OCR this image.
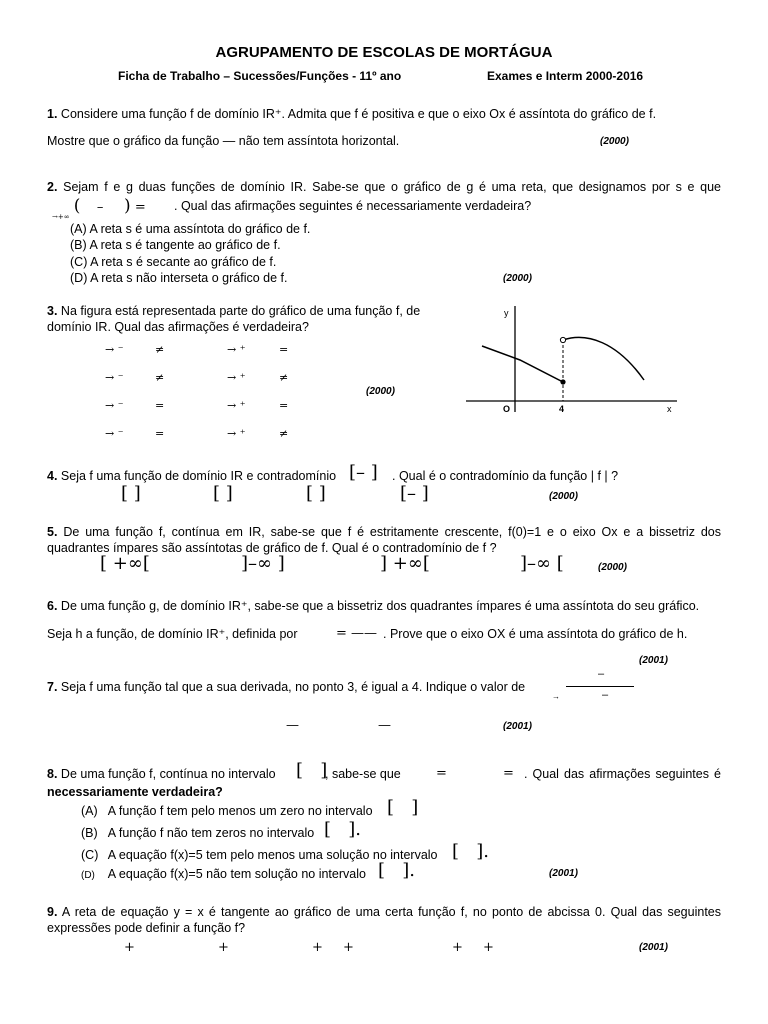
AGRUPAMENTO DE ESCOLAS DE MORTÁGUA
Ficha de Trabalho – Sucessões/Funções - 11º ano	Exames e Interm 2000-2016
1. Considere uma função f de domínio IR⁺. Admita que f é positiva e que o eixo Ox é assíntota do gráfico de f.
Mostre que o gráfico da função — não tem assíntota horizontal.	(2000)
2. Sejam f e g duas funções de domínio IR. Sabe-se que o gráfico de g é uma reta, que designamos por s e que
$_{\to+\infty}$ (    –     ) = . Qual das afirmações seguintes é necessariamente verdadeira?
(A) A reta s é uma assíntota do gráfico de f.
(B) A reta s é tangente ao gráfico de f.
(C) A reta s é secante ao gráfico de f.
(D) A reta s não interseta o gráfico de f.	(2000)
3. Na figura está representada parte do gráfico de uma função f, de
domínio IR. Qual das afirmações é verdadeira?
→ ⁻	≠	→ ⁺	=
→ ⁻	≠	→ ⁺	≠
→ ⁻	=	→ ⁺	=
→ ⁻	=	→ ⁺	≠
(2000)
y
x
O	4
4. Seja f uma função de domínio IR e contradomínio [– ] . Qual é o contradomínio da função | f | ?
[ ]	[ ]	[ ]	[– ]	(2000)
5. De uma função f, contínua em IR, sabe-se que f é estritamente crescente, f(0)=1 e o eixo Ox e a bissetriz dos
quadrantes ímpares são assíntotas de gráfico de f. Qual é o contradomínio de f ?
[ +∞[	]–∞ ]	] +∞[	]–∞ [	(2000)
6. De uma função g, de domínio IR⁺, sabe-se que a bissetriz dos quadrantes ímpares é uma assíntota do seu gráfico.
Seja h a função, de domínio IR⁺, definida por	= —— . Prove que o eixo OX é uma assíntota do gráfico de h.
(2001)
7. Seja f uma função tal que a sua derivada, no ponto 3, é igual a 4. Indique o valor de
–
–
→
—	—	(2001)
8. De uma função f, contínua no intervalo [   ]
, sabe-se que	=	= . Qual das afirmações seguintes é
necessariamente verdadeira?
(A) A função f tem pelo menos um zero no intervalo [   ]
(B) A função f não tem zeros no intervalo [   ].
(C) A equação f(x)=5 tem pelo menos uma solução no intervalo [   ].
(D) A equação f(x)=5 não tem solução no intervalo [   ].	(2001)
9. A reta de equação y = x é tangente ao gráfico de uma certa função f, no ponto de abcissa 0. Qual das seguintes
expressões pode definir a função f?
+	+	+ +	+ +	(2001)
